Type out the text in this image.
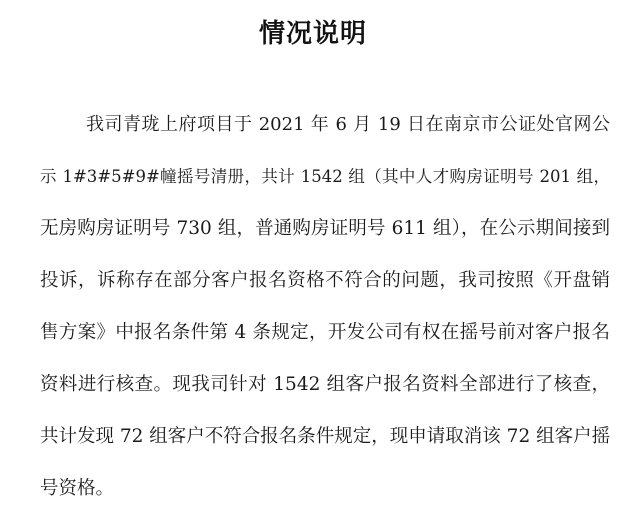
情况说明
我司青珑上府项目于 2021 年 6 月 19 日在南京市公证处官网公
示 1#3#5#9#幢摇号清册，共计 1542 组（其中人才购房证明号 201 组，
无房购房证明号 730 组，普通购房证明号 611 组），在公示期间接到
投诉，诉称存在部分客户报名资格不符合的问题，我司按照《开盘销
售方案》中报名条件第 4 条规定，开发公司有权在摇号前对客户报名
资料进行核查。现我司针对 1542 组客户报名资料全部进行了核查，
共计发现 72 组客户不符合报名条件规定，现申请取消该 72 组客户摇
号资格。
